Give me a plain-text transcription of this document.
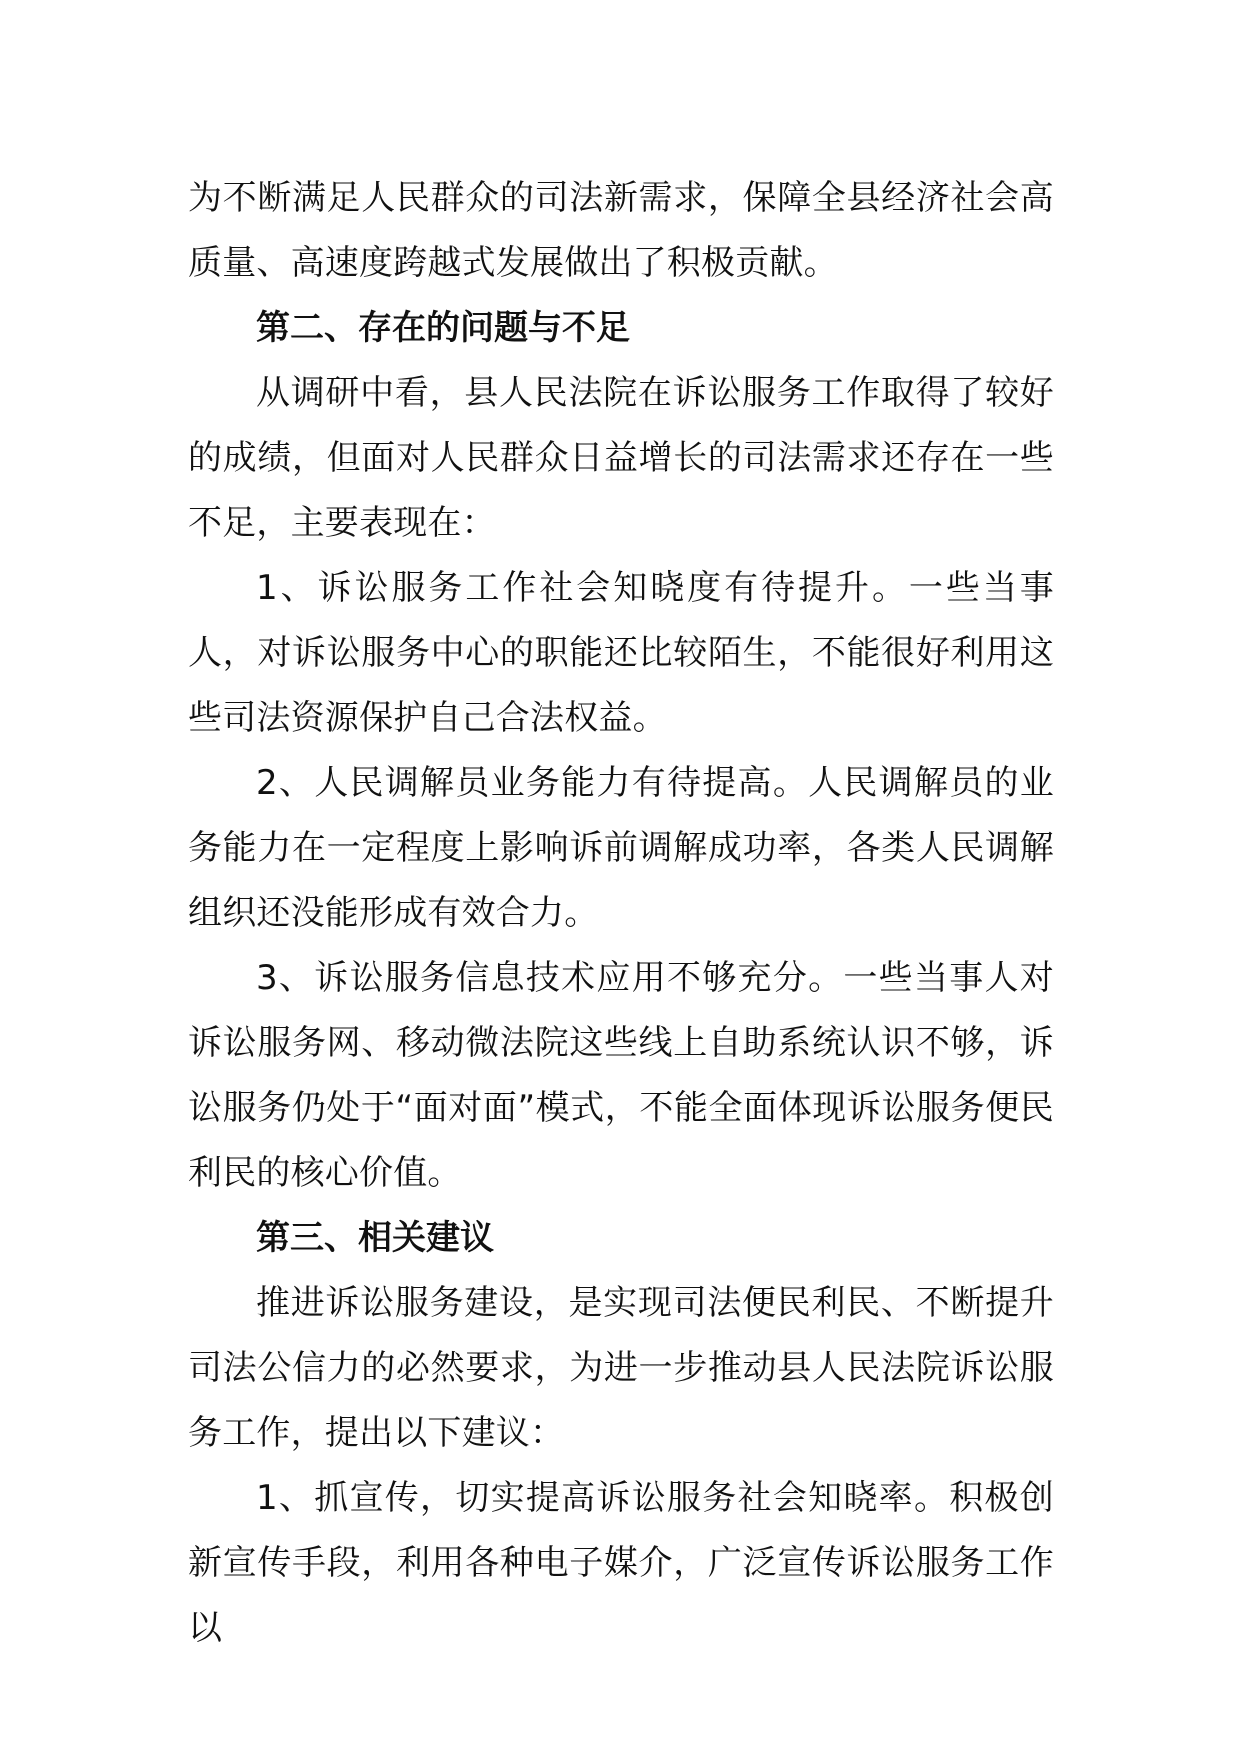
为不断满足人民群众的司法新需求，保障全县经济社会高质量、高速度跨越式发展做出了积极贡献。

第二、存在的问题与不足

从调研中看，县人民法院在诉讼服务工作取得了较好的成绩，但面对人民群众日益增长的司法需求还存在一些不足，主要表现在：

1、诉讼服务工作社会知晓度有待提升。一些当事人，对诉讼服务中心的职能还比较陌生，不能很好利用这些司法资源保护自己合法权益。

2、人民调解员业务能力有待提高。人民调解员的业务能力在一定程度上影响诉前调解成功率，各类人民调解组织还没能形成有效合力。

3、诉讼服务信息技术应用不够充分。一些当事人对诉讼服务网、移动微法院这些线上自助系统认识不够，诉讼服务仍处于“面对面”模式，不能全面体现诉讼服务便民利民的核心价值。

第三、相关建议

推进诉讼服务建设，是实现司法便民利民、不断提升司法公信力的必然要求，为进一步推动县人民法院诉讼服务工作，提出以下建议：

1、抓宣传，切实提高诉讼服务社会知晓率。积极创新宣传手段，利用各种电子媒介，广泛宣传诉讼服务工作以
